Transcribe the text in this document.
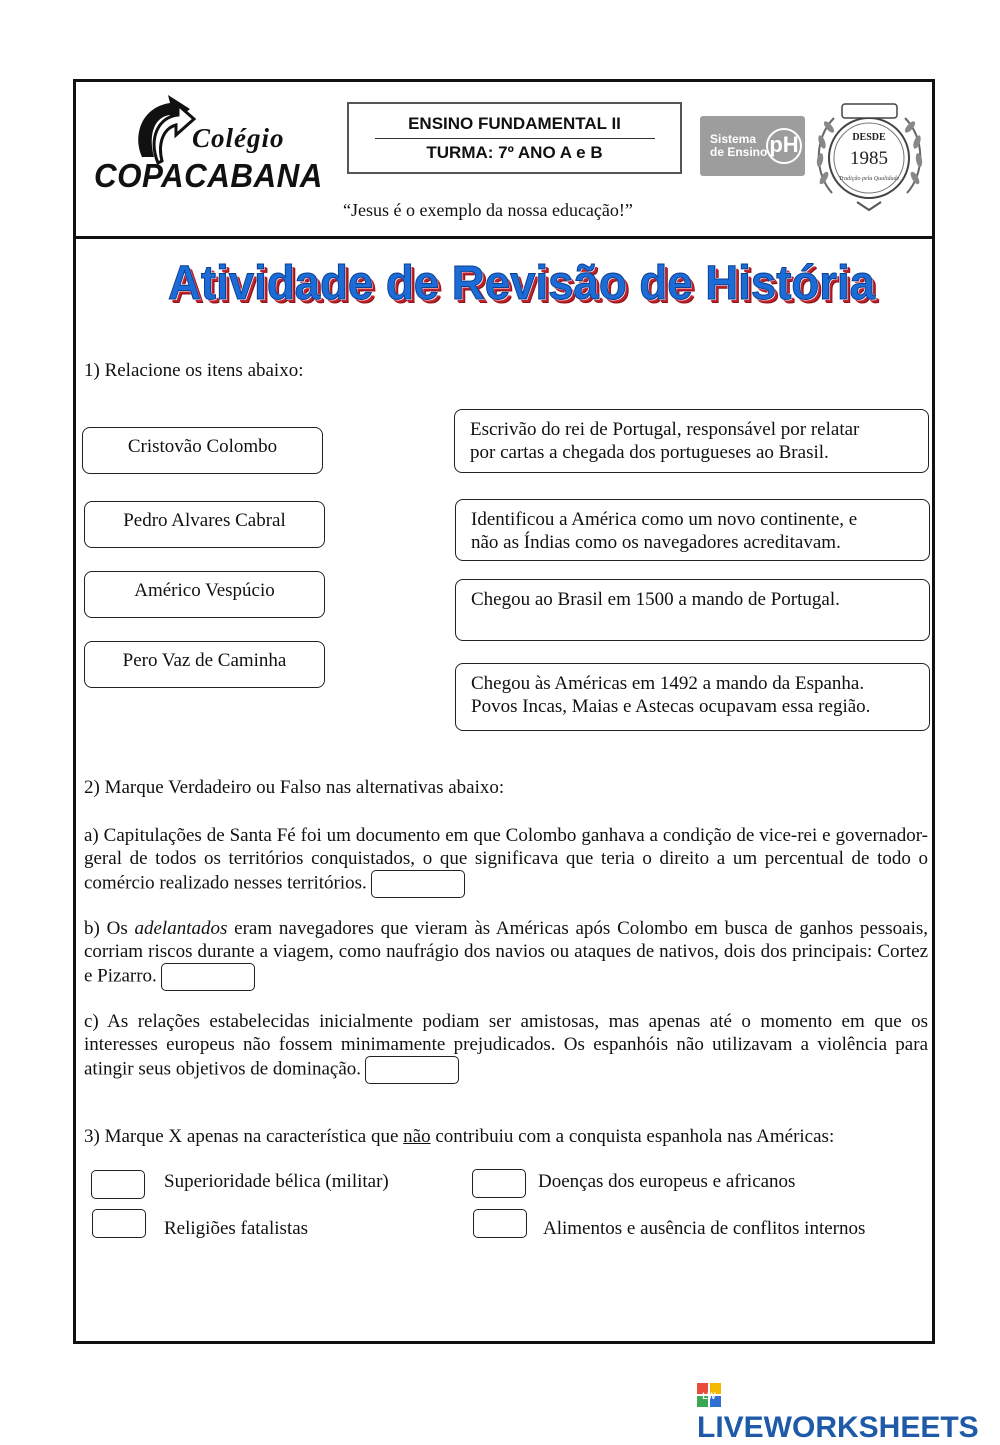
Colégio
COPACABANA
ENSINO FUNDAMENTAL II
TURMA: 7º ANO A e B
“Jesus é o exemplo da nossa educação!”
Sistema
de Ensino pH	DESDE
1985
Tradição pela Qualidade
Atividade de Revisão de História
1) Relacione os itens abaixo:
Cristovão Colombo
Pedro Alvares Cabral
Américo Vespúcio
Pero Vaz de Caminha
Escrivão do rei de Portugal, responsável por relatar
por cartas a chegada dos portugueses ao Brasil.
Identificou a América como um novo continente, e
não as Índias como os navegadores acreditavam.
Chegou ao Brasil em 1500 a mando de Portugal.
Chegou às Américas em 1492 a mando da Espanha.
Povos Incas, Maias e Astecas ocupavam essa região.
2) Marque Verdadeiro ou Falso nas alternativas abaixo:
a) Capitulações de Santa Fé foi um documento em que Colombo ganhava a condição de vice-rei e governador-geral de todos os territórios conquistados, o que significava que teria o direito a um percentual de todo o comércio realizado nesses territórios.
b) Os adelantados eram navegadores que vieram às Américas após Colombo em busca de ganhos pessoais, corriam riscos durante a viagem, como naufrágio dos navios ou ataques de nativos, dois dos principais: Cortez e Pizarro.
c) As relações estabelecidas inicialmente podiam ser amistosas, mas apenas até o momento em que os interesses europeus não fossem minimamente prejudicados. Os espanhóis não utilizavam a violência para atingir seus objetivos de dominação.
3) Marque X apenas na característica que não contribuiu com a conquista espanhola nas Américas:
Superioridade bélica (militar)	Doenças dos europeus e africanos
Religiões fatalistas	Alimentos e ausência de conflitos internos
LW
LIVEWORKSHEETS
